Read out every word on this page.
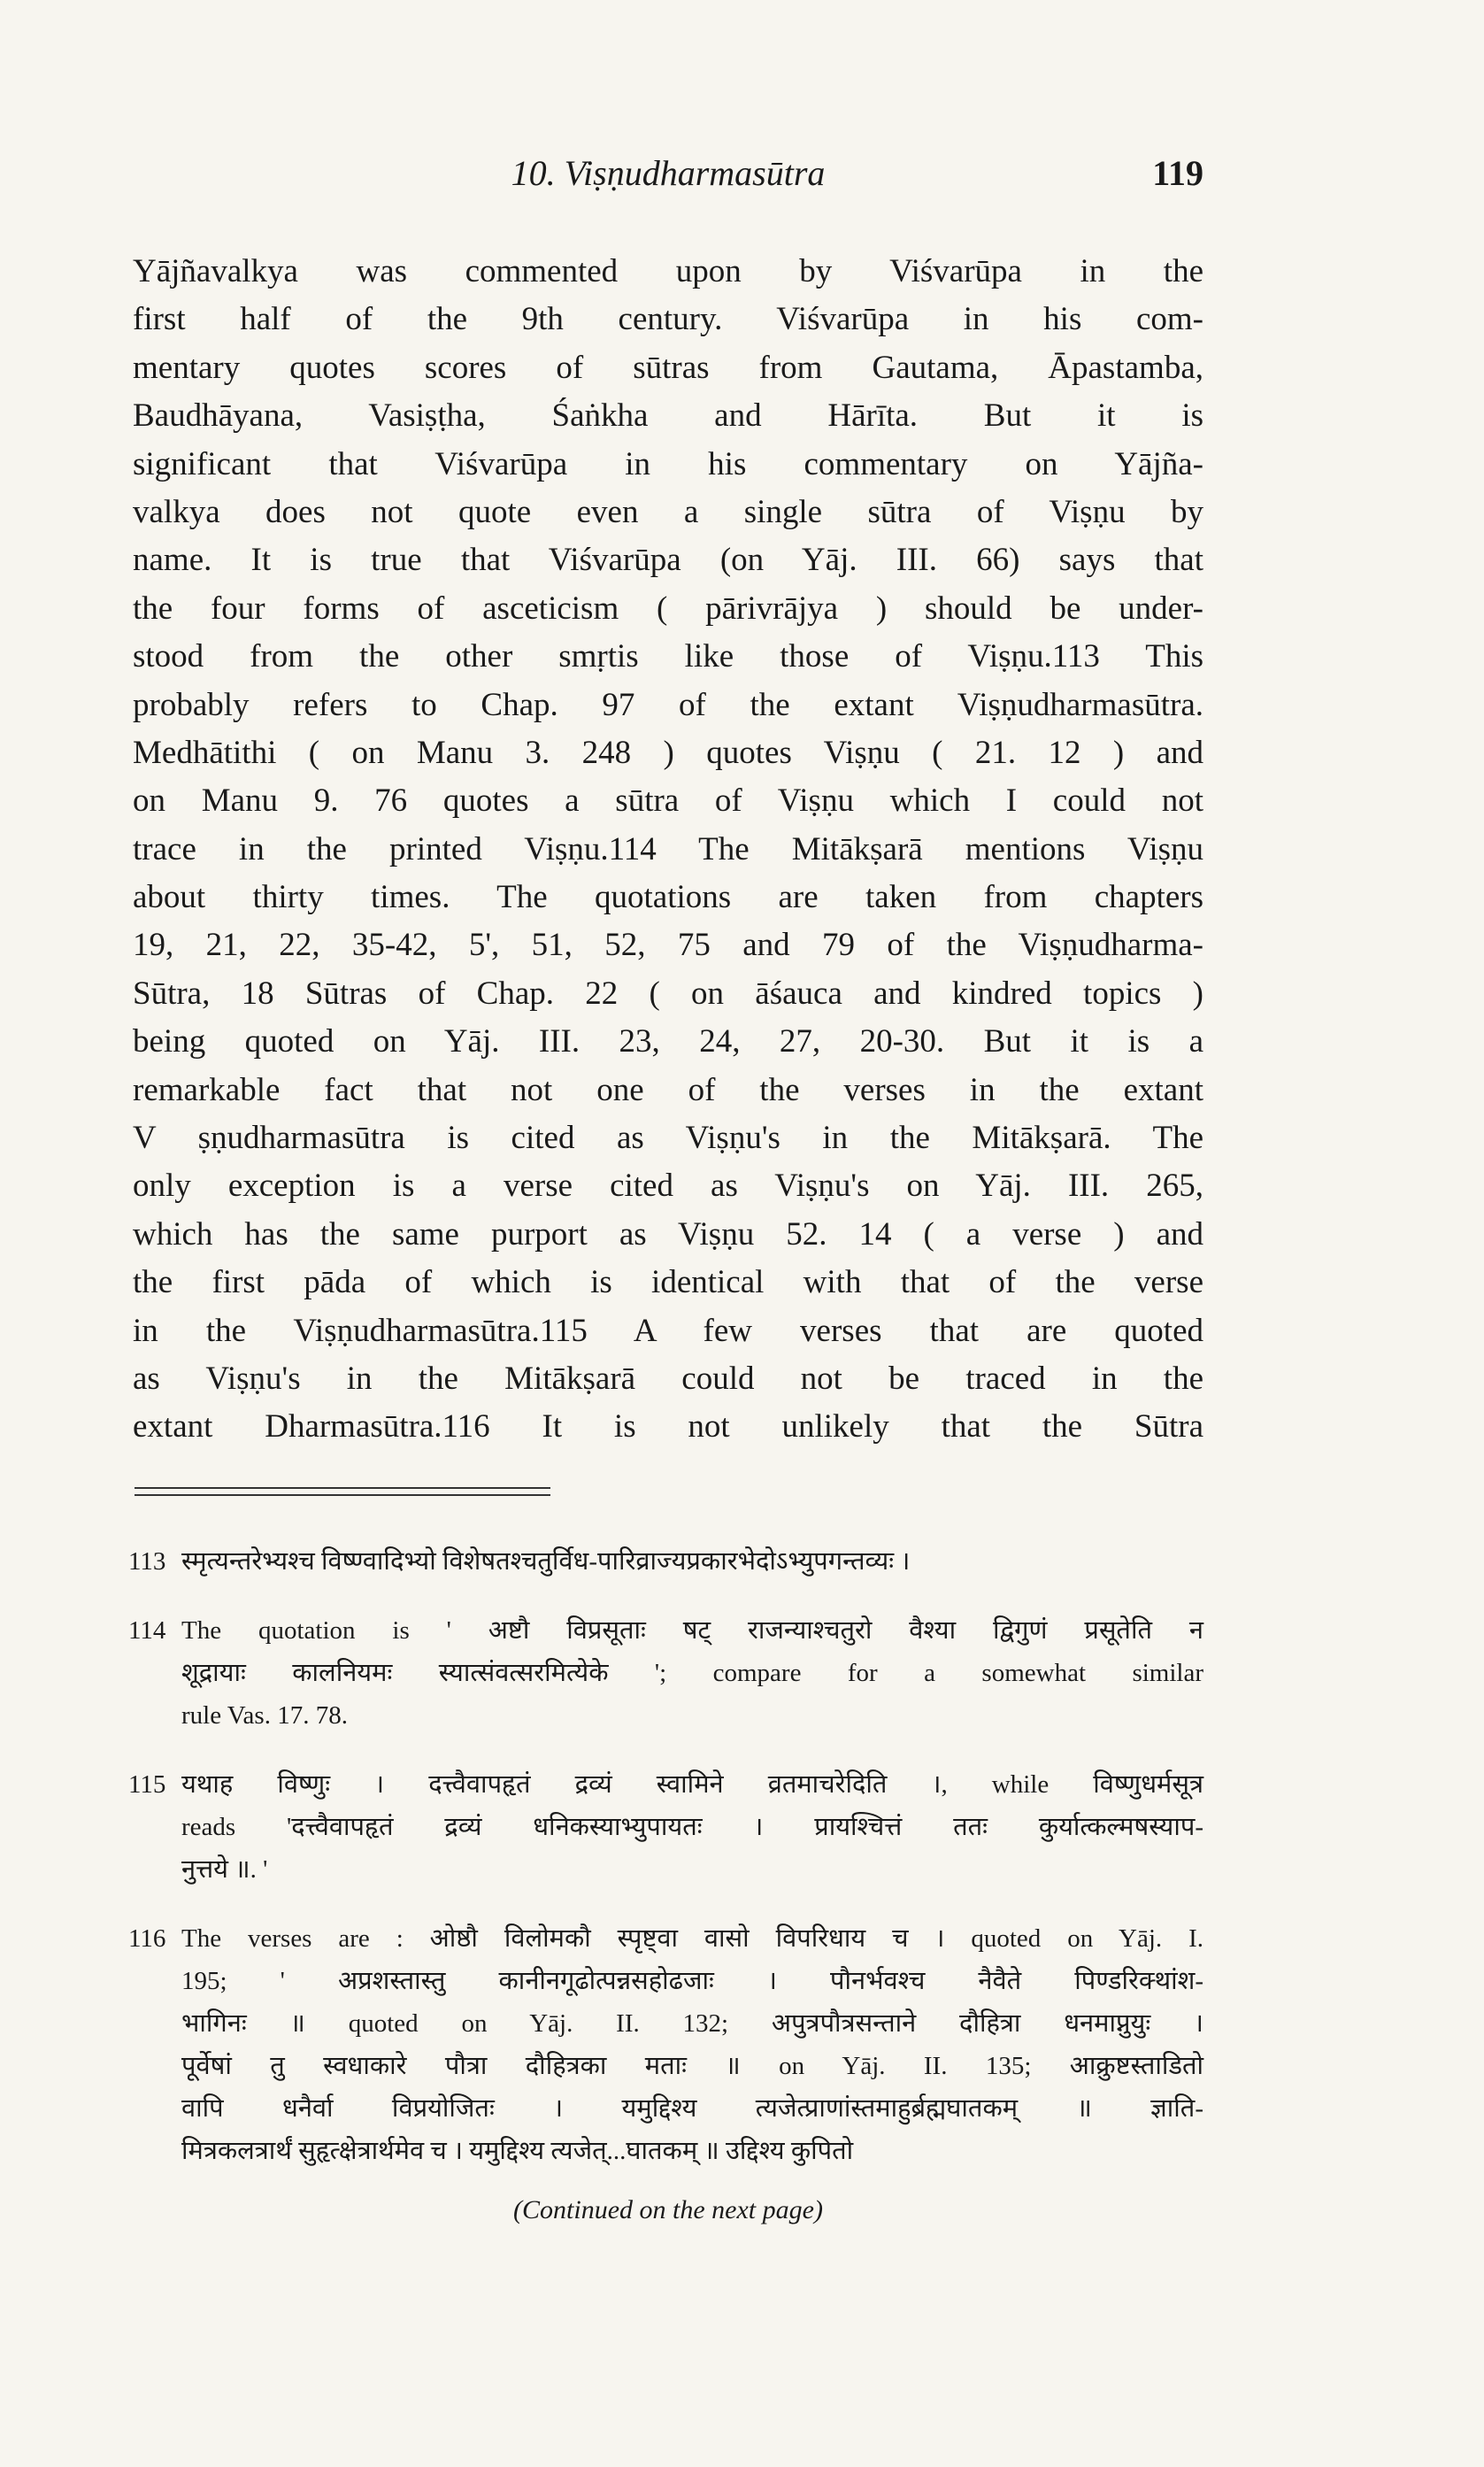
10. Viṣṇudharmasūtra	119
Yājñavalkya was commented upon by Viśvarūpa in the
first half of the 9th century. Viśvarūpa in his com-
mentary quotes scores of sūtras from Gautama, Āpastamba,
Baudhāyana, Vasiṣṭha, Śaṅkha and Hārīta. But it is
significant that Viśvarūpa in his commentary on Yājña-
valkya does not quote even a single sūtra of Viṣṇu by
name. It is true that Viśvarūpa (on Yāj. III. 66) says that
the four forms of asceticism ( pārivrājya ) should be under-
stood from the other smṛtis like those of Viṣṇu.113 This
probably refers to Chap. 97 of the extant Viṣṇudharmasūtra.
Medhātithi ( on Manu 3. 248 ) quotes Viṣṇu ( 21. 12 ) and
on Manu 9. 76 quotes a sūtra of Viṣṇu which I could not
trace in the printed Viṣṇu.114 The Mitākṣarā mentions Viṣṇu
about thirty times. The quotations are taken from chapters
19, 21, 22, 35-42, 5', 51, 52, 75 and 79 of the Viṣṇudharma-
Sūtra, 18 Sūtras of Chap. 22 ( on āśauca and kindred topics )
being quoted on Yāj. III. 23, 24, 27, 20-30. But it is a
remarkable fact that not one of the verses in the extant
V ṣṇudharmasūtra is cited as Viṣṇu's in the Mitākṣarā. The
only exception is a verse cited as Viṣṇu's on Yāj. III. 265,
which has the same purport as Viṣṇu 52. 14 ( a verse ) and
the first pāda of which is identical with that of the verse
in the Viṣṇudharmasūtra.115 A few verses that are quoted
as Viṣṇu's in the Mitākṣarā could not be traced in the
extant Dharmasūtra.116 It is not unlikely that the Sūtra
113 स्मृत्यन्तरेभ्यश्च विष्ण्वादिभ्यो विशेषतश्चतुर्विध-पारिव्राज्यप्रकारभेदोऽभ्युपगन्तव्यः ।
114 The quotation is ' अष्टौ विप्रसूताः षट् राजन्याश्चतुरो वैश्या द्विगुणं प्रसूतेति न
शूद्रायाः कालनियमः स्यात्संवत्सरमित्येके '; compare for a somewhat similar
rule Vas. 17. 78.
115 यथाह विष्णुः । दत्त्वैवापहृतं द्रव्यं स्वामिने व्रतमाचरेदिति ।, while विष्णुधर्मसूत्र
reads 'दत्त्वैवापहृतं द्रव्यं धनिकस्याभ्युपायतः । प्रायश्चित्तं ततः कुर्यात्कल्मषस्याप-
नुत्तये ॥. '
116 The verses are : ओष्ठौ विलोमकौ स्पृष्ट्वा वासो विपरिधाय च । quoted on Yāj. I.
195; ' अप्रशस्तास्तु कानीनगूढोत्पन्नसहोढजाः । पौनर्भवश्च नैवैते पिण्डरिक्थांश-
भागिनः ॥ quoted on Yāj. II. 132; अपुत्रपौत्रसन्ताने दौहित्रा धनमाप्नुयुः ।
पूर्वेषां तु स्वधाकारे पौत्रा दौहित्रका मताः ॥ on Yāj. II. 135; आक्रुष्टस्ताडितो
वापि धनैर्वा विप्रयोजितः । यमुद्दिश्य त्यजेत्प्राणांस्तमाहुर्ब्रह्मघातकम् ॥ ज्ञाति-
मित्रकलत्रार्थं सुहृत्क्षेत्रार्थमेव च । यमुद्दिश्य त्यजेत्...घातकम् ॥ उद्दिश्य कुपितो
(Continued on the next page)
